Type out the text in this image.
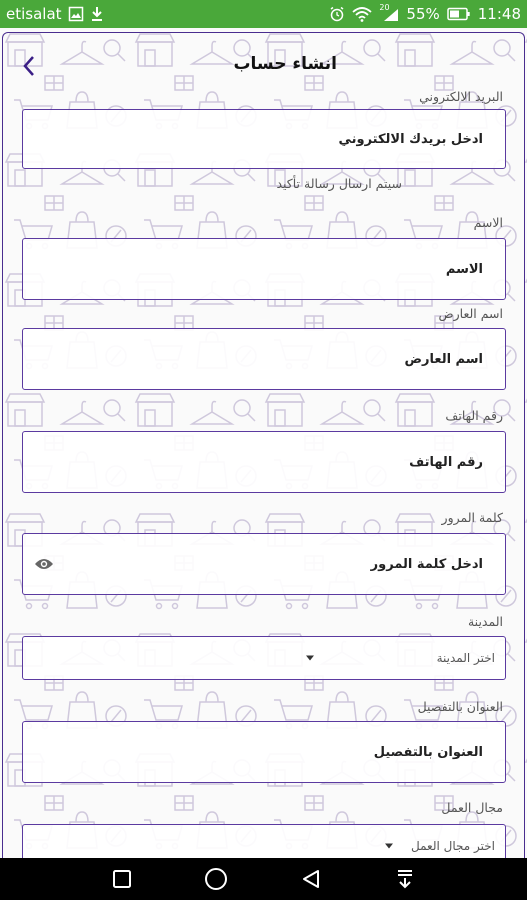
etisalat	20 55%	11:48
انشاء حساب
البريد الالكتروني
ادخل بريدك الالكتروني
سيتم ارسال رسالة تأكيد
الاسم
الاسم
اسم العارض
اسم العارض
رقم الهاتف
رقم الهاتف
كلمة المرور
ادخل كلمة المرور
المدينة
اختر المدينة
العنوان بالتفصيل
العنوان بالتفصيل
مجال العمل
اختر مجال العمل
